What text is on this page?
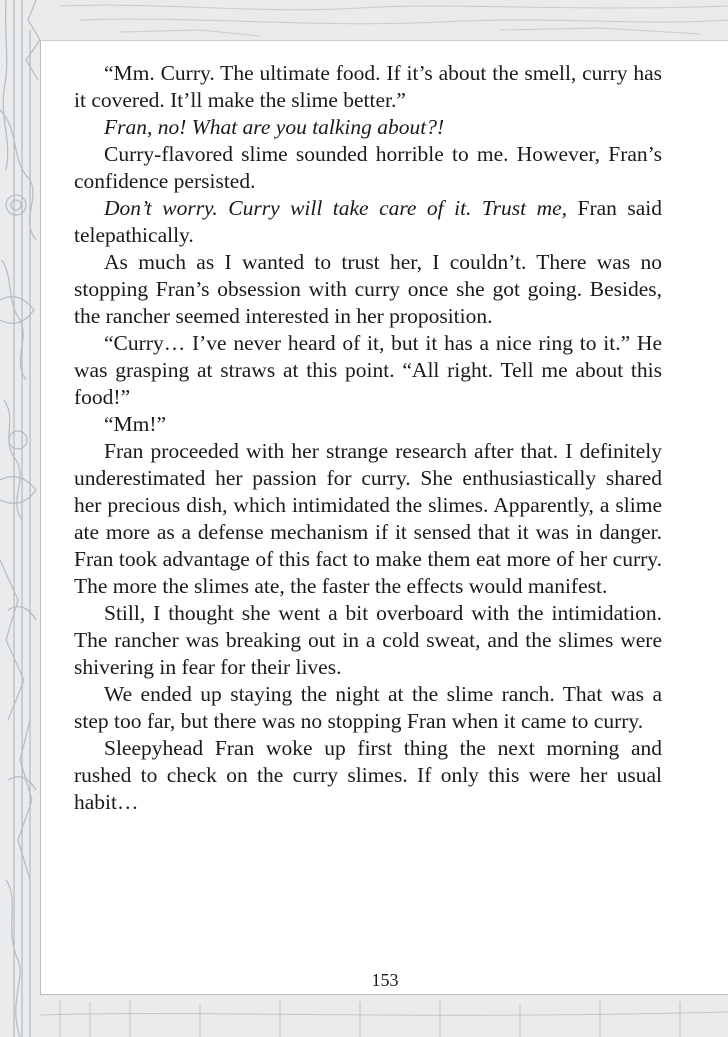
“Mm. Curry. The ultimate food. If it’s about the smell, curry has it covered. It’ll make the slime better.”

Fran, no! What are you talking about?!

Curry-flavored slime sounded horrible to me. However, Fran’s confidence persisted.

Don’t worry. Curry will take care of it. Trust me, Fran said telepathically.

As much as I wanted to trust her, I couldn’t. There was no stopping Fran’s obsession with curry once she got going. Besides, the rancher seemed interested in her proposition.

“Curry… I’ve never heard of it, but it has a nice ring to it.” He was grasping at straws at this point. “All right. Tell me about this food!”

“Mm!”

Fran proceeded with her strange research after that. I definitely underestimated her passion for curry. She enthusiastically shared her precious dish, which intimidated the slimes. Apparently, a slime ate more as a defense mechanism if it sensed that it was in danger. Fran took advantage of this fact to make them eat more of her curry. The more the slimes ate, the faster the effects would manifest.

Still, I thought she went a bit overboard with the intimidation. The rancher was breaking out in a cold sweat, and the slimes were shivering in fear for their lives.

We ended up staying the night at the slime ranch. That was a step too far, but there was no stopping Fran when it came to curry.

Sleepyhead Fran woke up first thing the next morning and rushed to check on the curry slimes. If only this were her usual habit…

153
